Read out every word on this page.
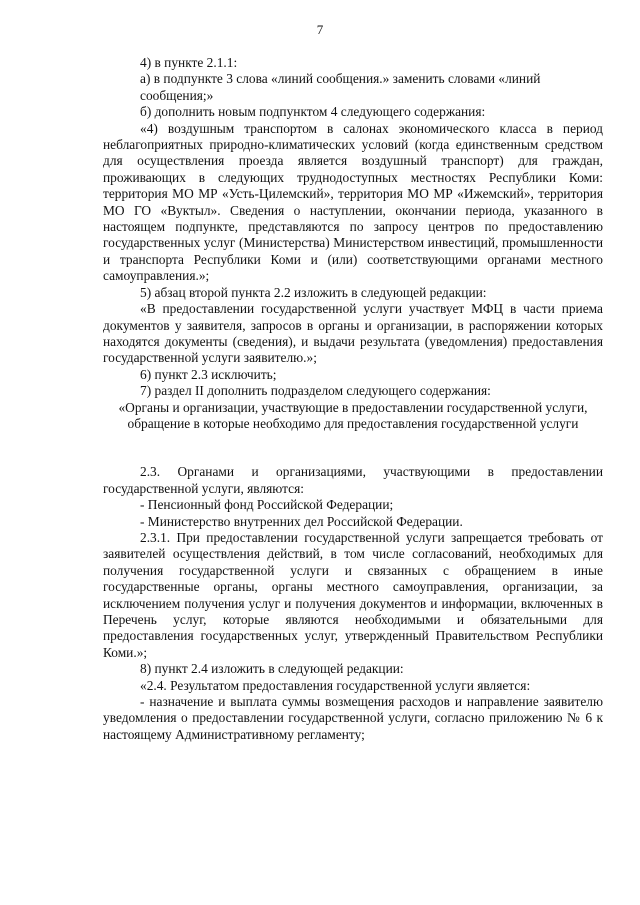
7

4) в пункте 2.1.1:

а) в подпункте 3 слова «линий сообщения.» заменить словами «линий сообщения;»

б) дополнить новым подпунктом 4 следующего содержания:

«4) воздушным транспортом в салонах экономического класса в период неблагоприятных природно-климатических условий (когда единственным средством для осуществления проезда является воздушный транспорт) для граждан, проживающих в следующих труднодоступных местностях Республики Коми: территория МО МР «Усть-Цилемский», территория МО МР «Ижемский», территория МО ГО «Вуктыл». Сведения о наступлении, окончании периода, указанного в настоящем подпункте, представляются по запросу центров по предоставлению государственных услуг (Министерства) Министерством инвестиций, промышленности и транспорта Республики Коми и (или) соответствующими органами местного самоуправления.»;

5) абзац второй пункта 2.2 изложить в следующей редакции:

«В предоставлении государственной услуги участвует МФЦ в части приема документов у заявителя, запросов в органы и организации, в распоряжении которых находятся документы (сведения), и выдачи результата (уведомления) предоставления государственной услуги заявителю.»;

6) пункт 2.3 исключить;

7) раздел II дополнить подразделом следующего содержания:

«Органы и организации, участвующие в предоставлении государственной услуги, обращение в которые необходимо для предоставления государственной услуги

2.3. Органами и организациями, участвующими в предоставлении государственной услуги, являются:

- Пенсионный фонд Российской Федерации;

- Министерство внутренних дел Российской Федерации.

2.3.1. При предоставлении государственной услуги запрещается требовать от заявителей осуществления действий, в том числе согласований, необходимых для получения государственной услуги и связанных с обращением в иные государственные органы, органы местного самоуправления, организации, за исключением получения услуг и получения документов и информации, включенных в Перечень услуг, которые являются необходимыми и обязательными для предоставления государственных услуг, утвержденный Правительством Республики Коми.»;

8) пункт 2.4 изложить в следующей редакции:

«2.4. Результатом предоставления государственной услуги является:

- назначение и выплата суммы возмещения расходов и направление заявителю уведомления о предоставлении государственной услуги, согласно приложению № 6 к настоящему Административному регламенту;
